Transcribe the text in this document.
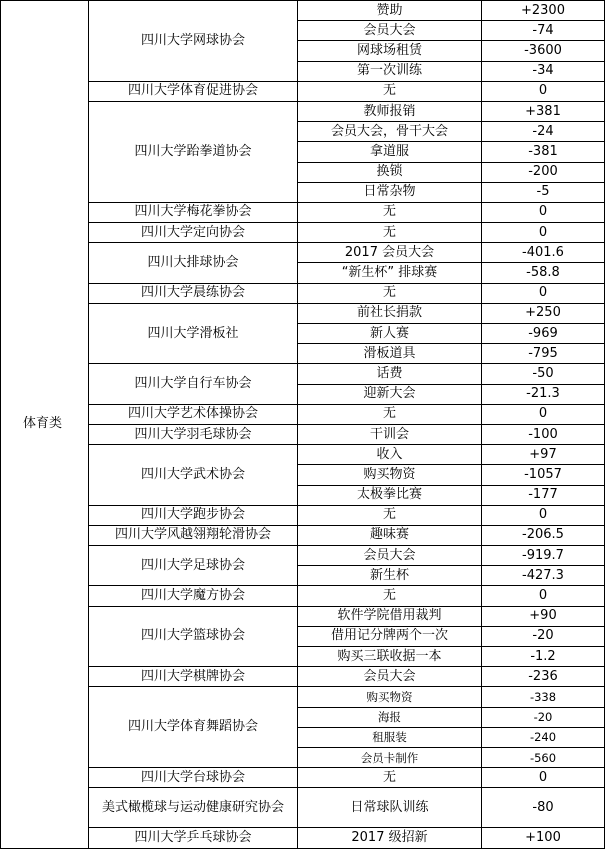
体育类	四川大学网球协会	赞助	+2300
		会员大会	-74
		网球场租赁	-3600
		第一次训练	-34
	四川大学体育促进协会	无	0
	四川大学跆拳道协会	教师报销	+381
		会员大会，骨干大会	-24
		拿道服	-381
		换锁	-200
		日常杂物	-5
	四川大学梅花拳协会	无	0
	四川大学定向协会	无	0
	四川大排球协会	2017 会员大会	-401.6
		“新生杯” 排球赛	-58.8
	四川大学晨练协会	无	0
	四川大学滑板社	前社长捐款	+250
		新人赛	-969
		滑板道具	-795
	四川大学自行车协会	话费	-50
		迎新大会	-21.3
	四川大学艺术体操协会	无	0
	四川大学羽毛球协会	干训会	-100
	四川大学武术协会	收入	+97
		购买物资	-1057
		太极拳比赛	-177
	四川大学跑步协会	无	0
	四川大学风越翎翔轮滑协会	趣味赛	-206.5
	四川大学足球协会	会员大会	-919.7
		新生杯	-427.3
	四川大学魔方协会	无	0
	四川大学篮球协会	软件学院借用裁判	+90
		借用记分牌两个一次	-20
		购买三联收据一本	-1.2
	四川大学棋牌协会	会员大会	-236
	四川大学体育舞蹈协会	购买物资	-338
		海报	-20
		租服装	-240
		会员卡制作	-560
	四川大学台球协会	无	0
	美式橄榄球与运动健康研究协会	日常球队训练	-80
	四川大学乒乓球协会	2017 级招新	+100
